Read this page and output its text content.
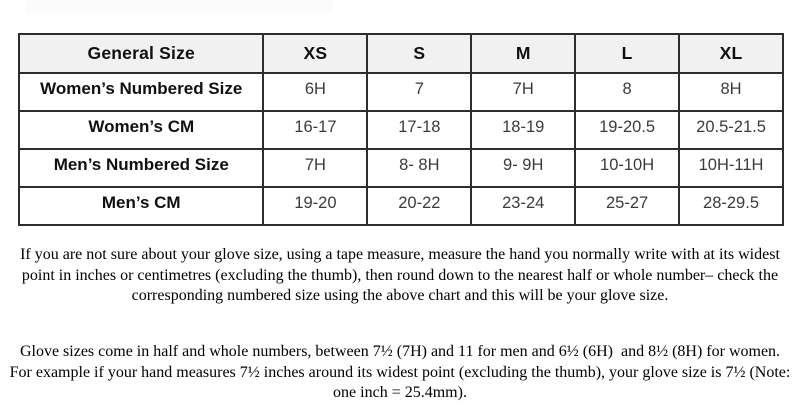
General Size	XS	S	M	L	XL
Women’s Numbered Size	6H	7	7H	8	8H
Women’s CM	16-17	17-18	18-19	19-20.5	20.5-21.5
Men’s Numbered Size	7H	8- 8H	9- 9H	10-10H	10H-11H
Men’s CM	19-20	20-22	23-24	25-27	28-29.5

If you are not sure about your glove size, using a tape measure, measure the hand you normally write with at its widest point in inches or centimetres (excluding the thumb), then round down to the nearest half or whole number– check the corresponding numbered size using the above chart and this will be your glove size.

Glove sizes come in half and whole numbers, between 7½ (7H) and 11 for men and 6½ (6H)  and 8½ (8H) for women.  For example if your hand measures 7½ inches around its widest point (excluding the thumb), your glove size is 7½ (Note: one inch = 25.4mm).
